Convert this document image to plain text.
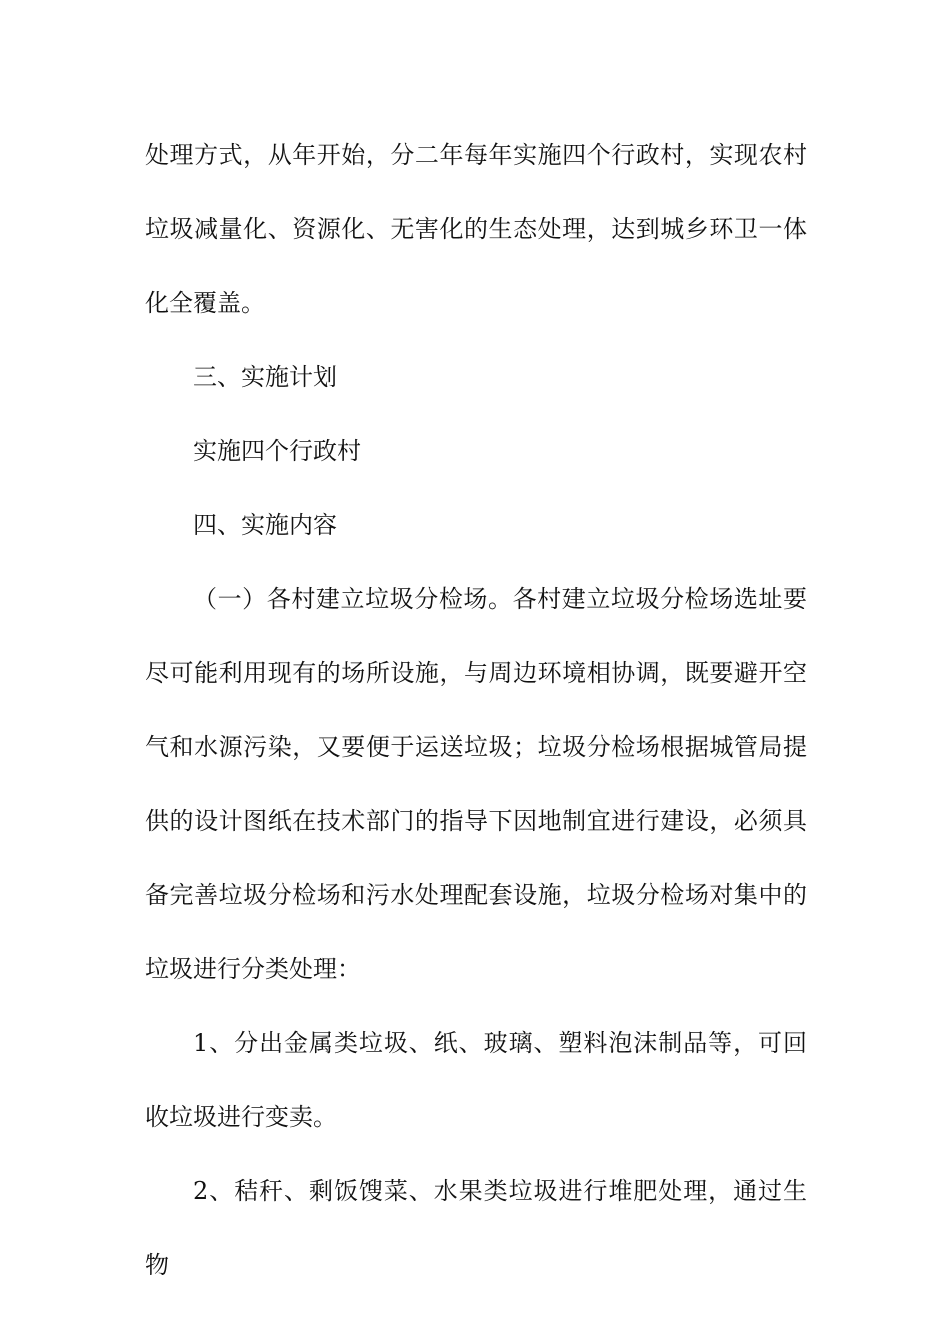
处理方式，从年开始，分二年每年实施四个行政村，实现农村垃圾减量化、资源化、无害化的生态处理，达到城乡环卫一体化全覆盖。

三、实施计划

实施四个行政村

四、实施内容

（一）各村建立垃圾分检场。各村建立垃圾分检场选址要尽可能利用现有的场所设施，与周边环境相协调，既要避开空气和水源污染，又要便于运送垃圾；垃圾分检场根据城管局提供的设计图纸在技术部门的指导下因地制宜进行建设，必须具备完善垃圾分检场和污水处理配套设施，垃圾分检场对集中的垃圾进行分类处理：

1、分出金属类垃圾、纸、玻璃、塑料泡沫制品等，可回收垃圾进行变卖。

2、秸秆、剩饭馊菜、水果类垃圾进行堆肥处理，通过生物
